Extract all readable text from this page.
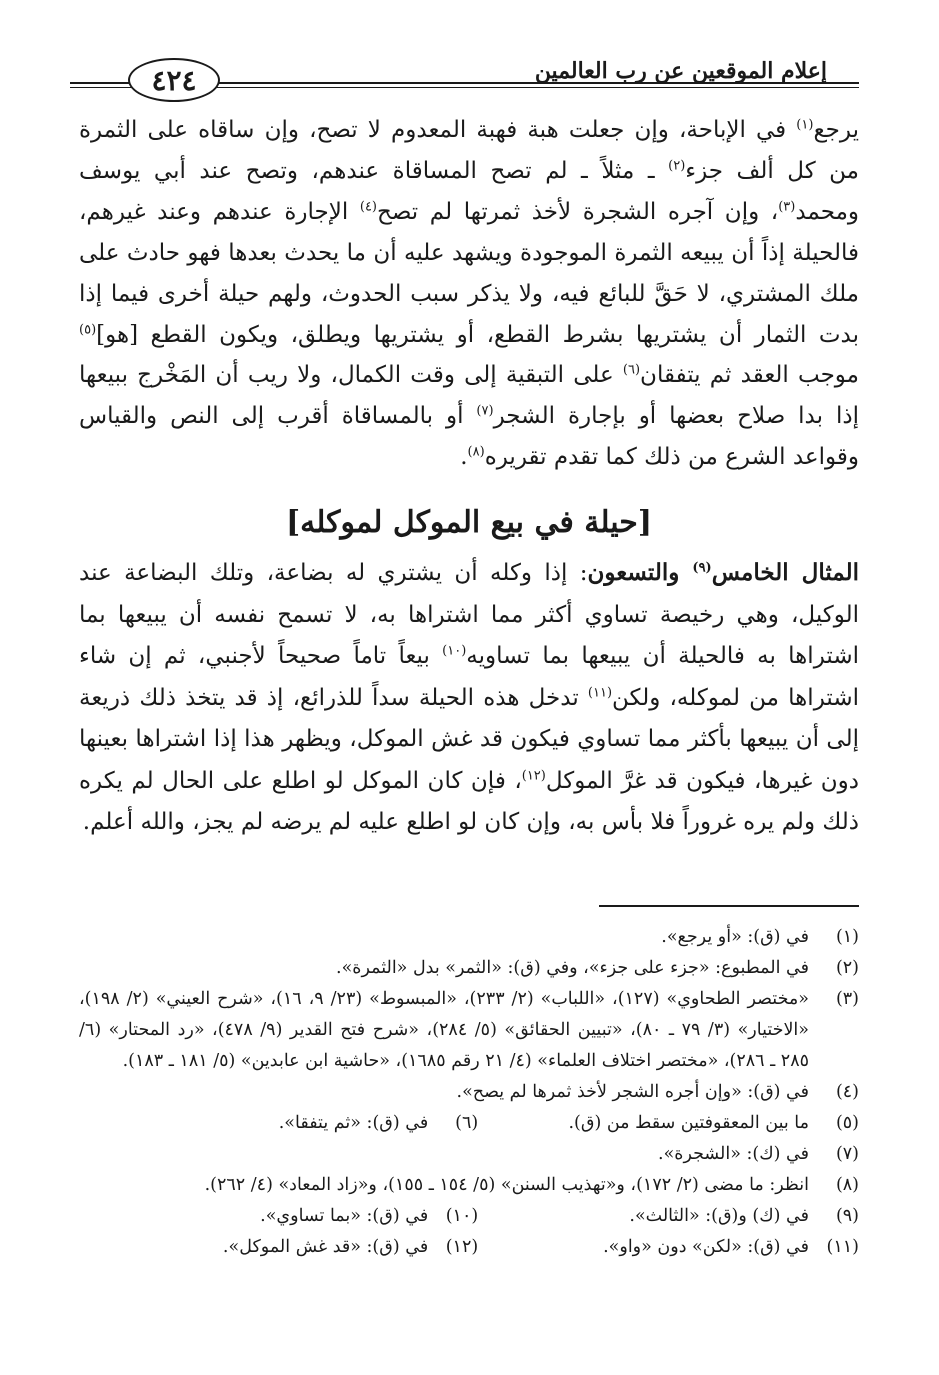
إعلام الموقعين عن رب العالمين
٤٢٤

يرجع$^{(١)}$ في الإباحة، وإن جعلت هبة فهبة المعدوم لا تصح، وإن ساقاه على الثمرة من كل ألف جزء$^{(٢)}$ ـ مثلاً ـ لم تصح المساقاة عندهم، وتصح عند أبي يوسف ومحمد$^{(٣)}$، وإن آجره الشجرة لأخذ ثمرتها لم تصح$^{(٤)}$ الإجارة عندهم وعند غيرهم، فالحيلة إذاً أن يبيعه الثمرة الموجودة ويشهد عليه أن ما يحدث بعدها فهو حادث على ملك المشتري، لا حَقَّ للبائع فيه، ولا يذكر سبب الحدوث، ولهم حيلة أخرى فيما إذا بدت الثمار أن يشتريها بشرط القطع، أو يشتريها ويطلق، ويكون القطع [هو]$^{(٥)}$ موجب العقد ثم يتفقان$^{(٦)}$ على التبقية إلى وقت الكمال، ولا ريب أن المَخْرج ببيعها إذا بدا صلاح بعضها أو بإجارة الشجر$^{(٧)}$ أو بالمساقاة أقرب إلى النص والقياس وقواعد الشرع من ذلك كما تقدم تقريره$^{(٨)}$.

[حيلة في بيع الموكل لموكله]

المثال الخامس$^{(٩)}$ والتسعون: إذا وكله أن يشتري له بضاعة، وتلك البضاعة عند الوكيل، وهي رخيصة تساوي أكثر مما اشتراها به، لا تسمح نفسه أن يبيعها بما اشتراها به فالحيلة أن يبيعها بما تساويه$^{(١٠)}$ بيعاً تاماً صحيحاً لأجنبي، ثم إن شاء اشتراها من لموكله، ولكن$^{(١١)}$ تدخل هذه الحيلة سداً للذرائع، إذ قد يتخذ ذلك ذريعة إلى أن يبيعها بأكثر مما تساوي فيكون قد غش الموكل، ويظهر هذا إذا اشتراها بعينها دون غيرها، فيكون قد غرَّ الموكل$^{(١٢)}$، فإن كان الموكل لو اطلع على الحال لم يكره ذلك ولم يره غروراً فلا بأس به، وإن كان لو اطلع عليه لم يرضه لم يجز، والله أعلم.

(١)
في (ق): «أو يرجع».
(٢)
في المطبوع: «جزء على جزء»، وفي (ق): «الثمر» بدل «الثمرة».
(٣)
«مختصر الطحاوي» (١٢٧)، «اللباب» (٢/ ٢٣٣)، «المبسوط» (٢٣/ ٩، ١٦)، «شرح العيني» (٢/ ١٩٨)، «الاختيار» (٣/ ٧٩ ـ ٨٠)، «تبيين الحقائق» (٥/ ٢٨٤)، «شرح فتح القدير (٩/ ٤٧٨)، «رد المحتار» (٦/ ٢٨٥ ـ ٢٨٦)، «مختصر اختلاف العلماء» (٤/ ٢١ رقم ١٦٨٥)، «حاشية ابن عابدين» (٥/ ١٨١ ـ ١٨٣).
(٤)
في (ق): «وإن أجره الشجر لأخذ ثمرها لم يصح».
(٥)
ما بين المعقوفتين سقط من (ق).
(٦)
في (ق): «ثم يتفقا».
(٧)
في (ك): «الشجرة».
(٨)
انظر: ما مضى (٢/ ١٧٢)، و«تهذيب السنن» (٥/ ١٥٤ ـ ١٥٥)، و«زاد المعاد» (٤/ ٢٦٢).
(٩)
في (ك) و(ق): «الثالث».
(١٠)
في (ق): «بما تساوي».
(١١)
في (ق): «لكن» دون «واو».
(١٢)
في (ق): «قد غش الموكل».
